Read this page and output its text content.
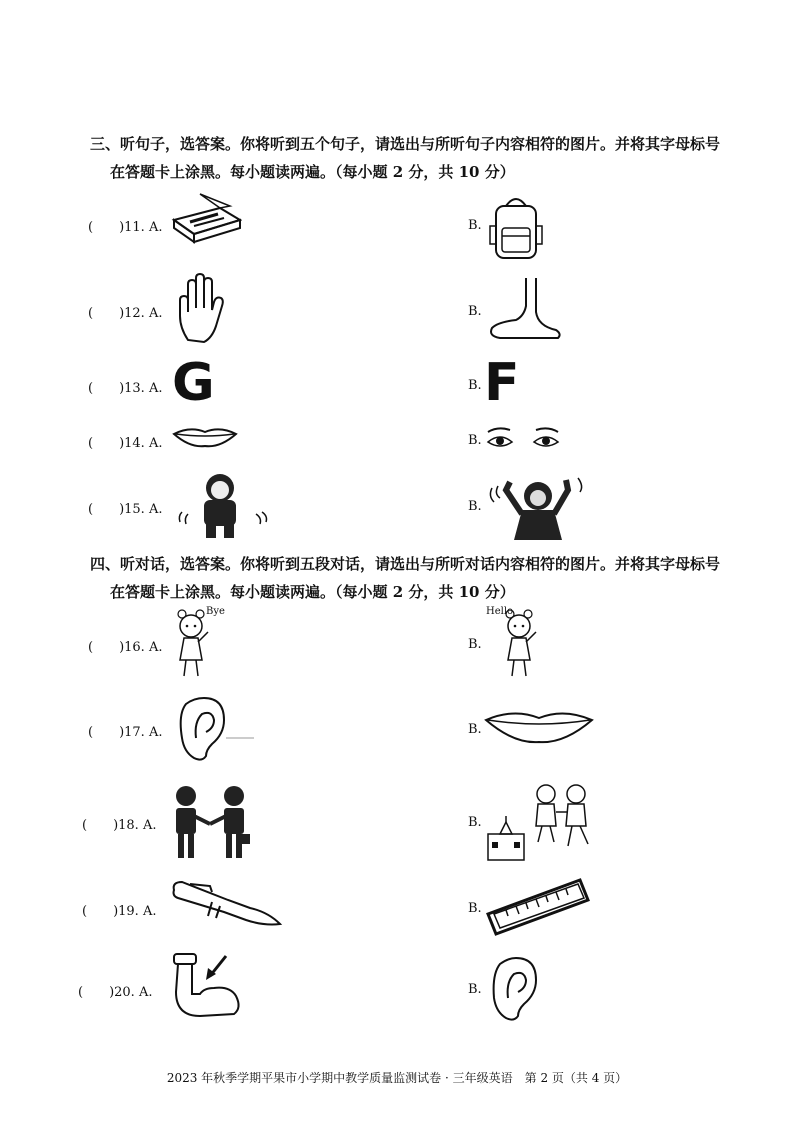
三、听句子，选答案。你将听到五个句子，请选出与所听句子内容相符的图片。并将其字母标号
在答题卡上涂黑。每小题读两遍。（每小题 2 分，共 10 分）
(　　)11. A.	B.
(　　)12. A.	B.
(　　)13. A. G	B. F
(　　)14. A.	B.
(　　)15. A.	B.
四、听对话，选答案。你将听到五段对话，请选出与所听对话内容相符的图片。并将其字母标号
在答题卡上涂黑。每小题读两遍。（每小题 2 分，共 10 分）
(　　)16. A.
Bye
B.
Hello
(　　)17. A.	B.
(　　)18. A.	B.
(　　)19. A.	B.
(　　)20. A.	B.
2023 年秋季学期平果市小学期中教学质量监测试卷 · 三年级英语　第 2 页（共 4 页）
